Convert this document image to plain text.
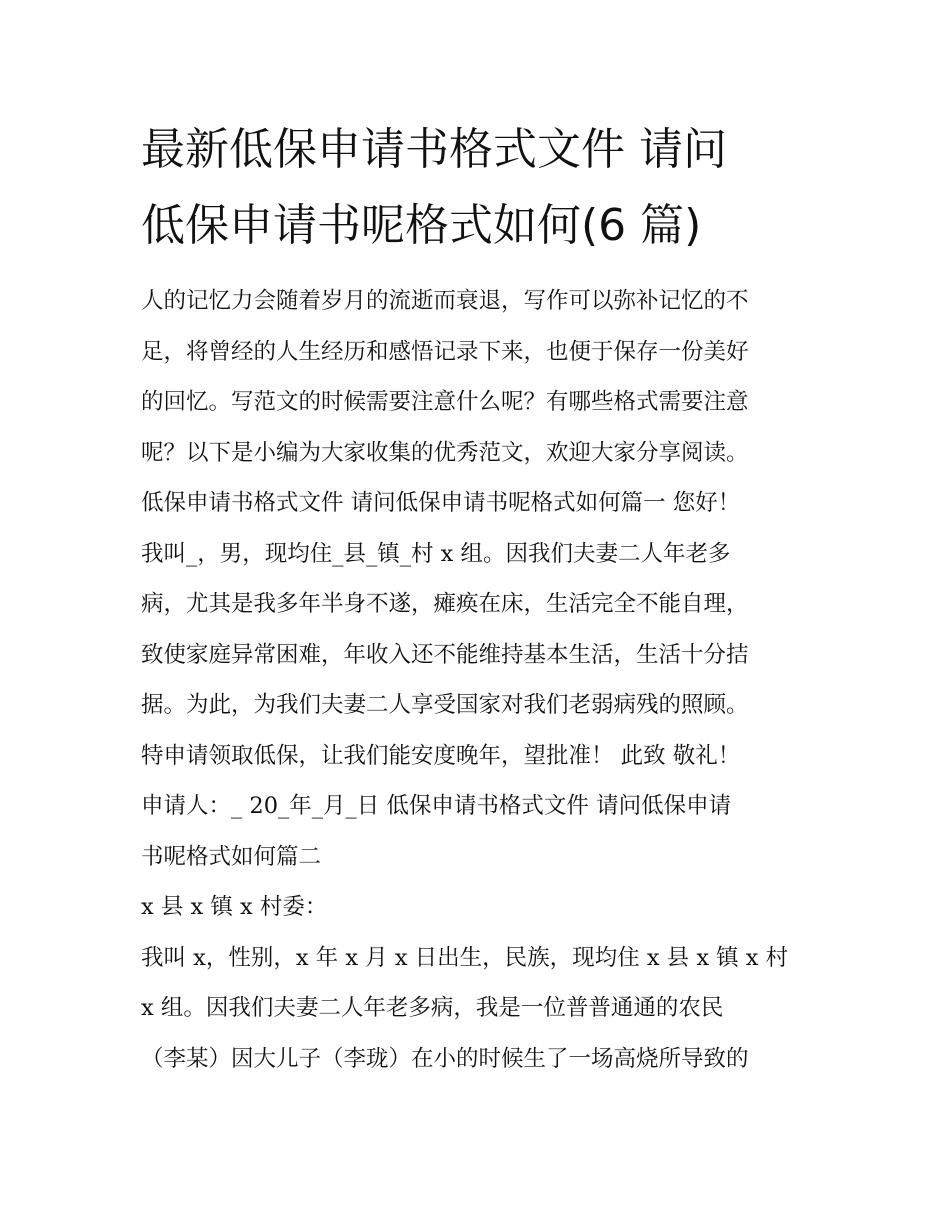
最新低保申请书格式文件 请问
低保申请书呢格式如何(6 篇)
人的记忆力会随着岁月的流逝而衰退，写作可以弥补记忆的不
足，将曾经的人生经历和感悟记录下来，也便于保存一份美好
的回忆。写范文的时候需要注意什么呢？有哪些格式需要注意
呢？以下是小编为大家收集的优秀范文，欢迎大家分享阅读。
低保申请书格式文件 请问低保申请书呢格式如何篇一 您好！
我叫_，男，现均住_县_镇_村 x 组。因我们夫妻二人年老多
病，尤其是我多年半身不遂，瘫痪在床，生活完全不能自理，
致使家庭异常困难，年收入还不能维持基本生活，生活十分拮
据。为此，为我们夫妻二人享受国家对我们老弱病残的照顾。
特申请领取低保，让我们能安度晚年，望批准！ 此致 敬礼！
申请人：_ 20_年_月_日 低保申请书格式文件 请问低保申请
书呢格式如何篇二
x 县 x 镇 x 村委：
我叫 x，性别，x 年 x 月 x 日出生，民族，现均住 x 县 x 镇 x 村
x 组。因我们夫妻二人年老多病，我是一位普普通通的农民
（李某）因大儿子（李珑）在小的时候生了一场高烧所导致的
